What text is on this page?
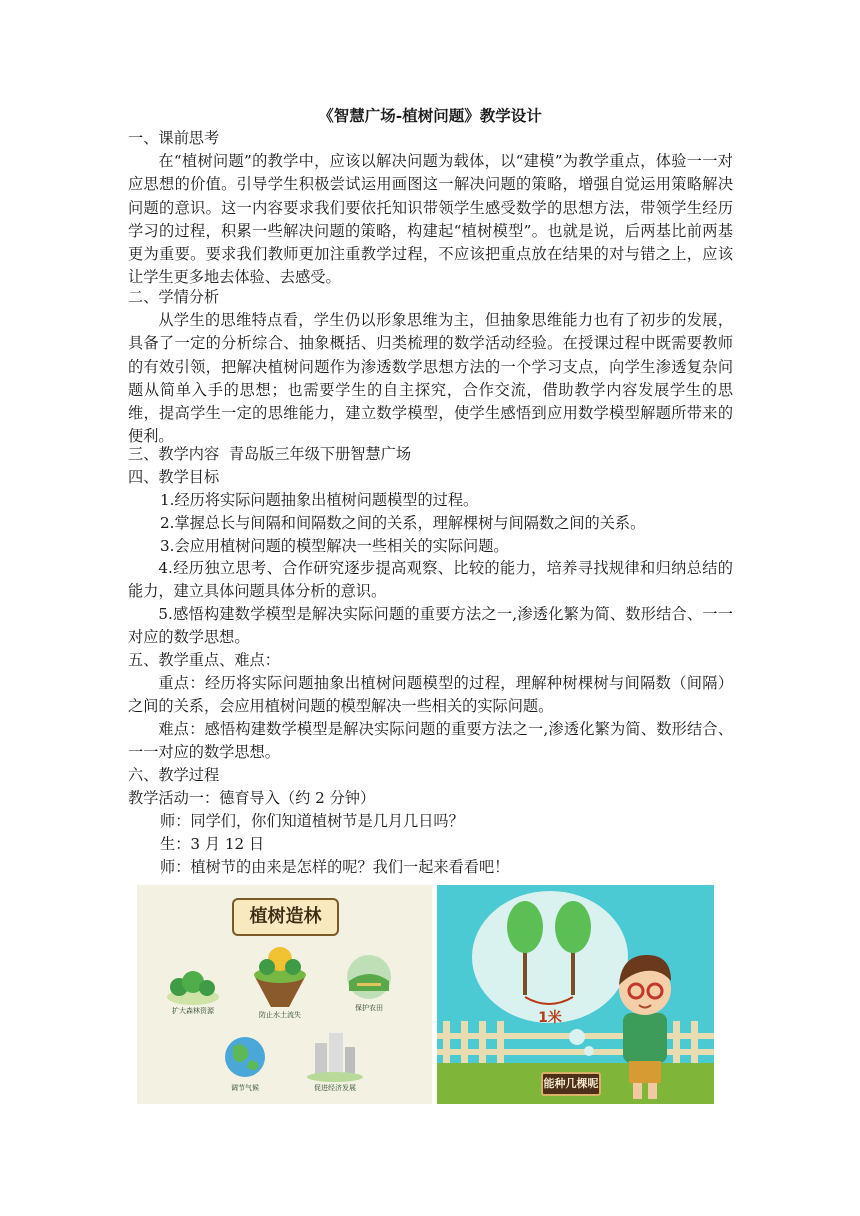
《智慧广场-植树问题》教学设计
一、课前思考
在“植树问题”的教学中，应该以解决问题为载体，以“建模”为教学重点，体验一一对应思想的价值。引导学生积极尝试运用画图这一解决问题的策略，增强自觉运用策略解决问题的意识。这一内容要求我们要依托知识带领学生感受数学的思想方法，带领学生经历学习的过程，积累一些解决问题的策略，构建起“植树模型”。也就是说，后两基比前两基更为重要。要求我们教师更加注重教学过程，不应该把重点放在结果的对与错之上，应该让学生更多地去体验、去感受。
二、学情分析
从学生的思维特点看，学生仍以形象思维为主，但抽象思维能力也有了初步的发展，具备了一定的分析综合、抽象概括、归类梳理的数学活动经验。在授课过程中既需要教师的有效引领，把解决植树问题作为渗透数学思想方法的一个学习支点，向学生渗透复杂问题从简单入手的思想；也需要学生的自主探究，合作交流，借助教学内容发展学生的思维，提高学生一定的思维能力，建立数学模型，使学生感悟到应用数学模型解题所带来的便利。
三、教学内容  青岛版三年级下册智慧广场
四、教学目标
1.经历将实际问题抽象出植树问题模型的过程。
2.掌握总长与间隔和间隔数之间的关系，理解棵树与间隔数之间的关系。
3.会应用植树问题的模型解决一些相关的实际问题。
4.经历独立思考、合作研究逐步提高观察、比较的能力，培养寻找规律和归纳总结的能力，建立具体问题具体分析的意识。
5.感悟构建数学模型是解决实际问题的重要方法之一,渗透化繁为简、数形结合、一一对应的数学思想。
五、教学重点、难点：
重点：经历将实际问题抽象出植树问题模型的过程，理解种树棵树与间隔数（间隔）之间的关系，会应用植树问题的模型解决一些相关的实际问题。
难点：感悟构建数学模型是解决实际问题的重要方法之一,渗透化繁为简、数形结合、一一对应的数学思想。
六、教学过程
教学活动一：德育导入（约 2 分钟）
师：同学们，你们知道植树节是几月几日吗？
生：3 月 12 日
师：植树节的由来是怎样的呢？我们一起来看看吧！
植树造林
扩大森林资源	防止水土流失
保护农田
调节气候	促进经济发展
1米
能种几棵呢
